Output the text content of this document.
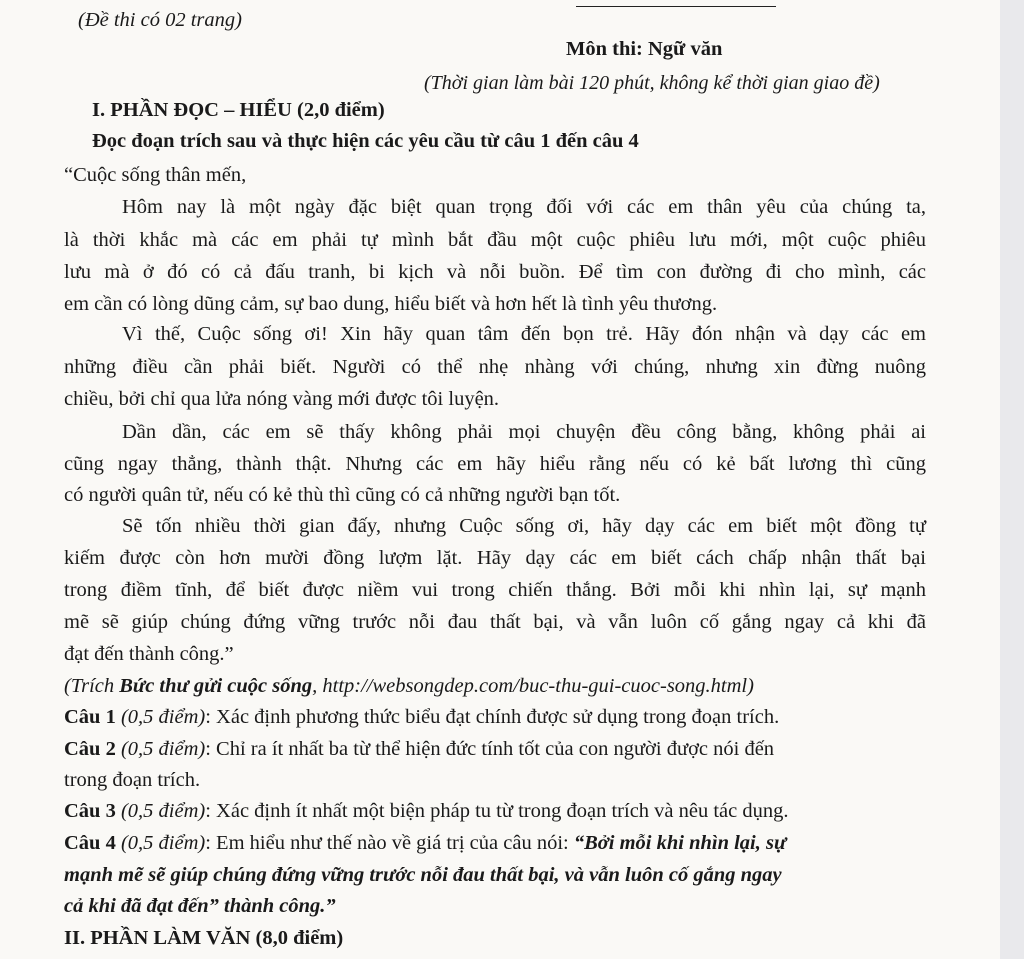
(Đề thi có 02 trang)
Môn thi: Ngữ văn
(Thời gian làm bài 120 phút, không kể thời gian giao đề)
I. PHẦN ĐỌC – HIỂU (2,0 điểm)
Đọc đoạn trích sau và thực hiện các yêu cầu từ câu 1 đến câu 4
“Cuộc sống thân mến,
Hôm nay là một ngày đặc biệt quan trọng đối với các em thân yêu của chúng ta,
là thời khắc mà các em phải tự mình bắt đầu một cuộc phiêu lưu mới, một cuộc phiêu
lưu mà ở đó có cả đấu tranh, bi kịch và nỗi buồn. Để tìm con đường đi cho mình, các
em cần có lòng dũng cảm, sự bao dung, hiểu biết và hơn hết là tình yêu thương.
Vì thế, Cuộc sống ơi! Xin hãy quan tâm đến bọn trẻ. Hãy đón nhận và dạy các em
những điều cần phải biết. Người có thể nhẹ nhàng với chúng, nhưng xin đừng nuông
chiều, bởi chỉ qua lửa nóng vàng mới được tôi luyện.
Dần dần, các em sẽ thấy không phải mọi chuyện đều công bằng, không phải ai
cũng ngay thẳng, thành thật. Nhưng các em hãy hiểu rằng nếu có kẻ bất lương thì cũng
có người quân tử, nếu có kẻ thù thì cũng có cả những người bạn tốt.
Sẽ tốn nhiều thời gian đấy, nhưng Cuộc sống ơi, hãy dạy các em biết một đồng tự
kiếm được còn hơn mười đồng lượm lặt. Hãy dạy các em biết cách chấp nhận thất bại
trong điềm tĩnh, để biết được niềm vui trong chiến thắng. Bởi mỗi khi nhìn lại, sự mạnh
mẽ sẽ giúp chúng đứng vững trước nỗi đau thất bại, và vẫn luôn cố gắng ngay cả khi đã
đạt đến thành công.”
(Trích Bức thư gửi cuộc sống, http://websongdep.com/buc-thu-gui-cuoc-song.html)
Câu 1 (0,5 điểm): Xác định phương thức biểu đạt chính được sử dụng trong đoạn trích.
Câu 2 (0,5 điểm): Chỉ ra ít nhất ba từ thể hiện đức tính tốt của con người được nói đến
trong đoạn trích.
Câu 3 (0,5 điểm): Xác định ít nhất một biện pháp tu từ trong đoạn trích và nêu tác dụng.
Câu 4 (0,5 điểm): Em hiểu như thế nào về giá trị của câu nói: “Bởi mỗi khi nhìn lại, sự
mạnh mẽ sẽ giúp chúng đứng vững trước nỗi đau thất bại, và vẫn luôn cố gắng ngay
cả khi đã đạt đến” thành công.”
II. PHẦN LÀM VĂN (8,0 điểm)
